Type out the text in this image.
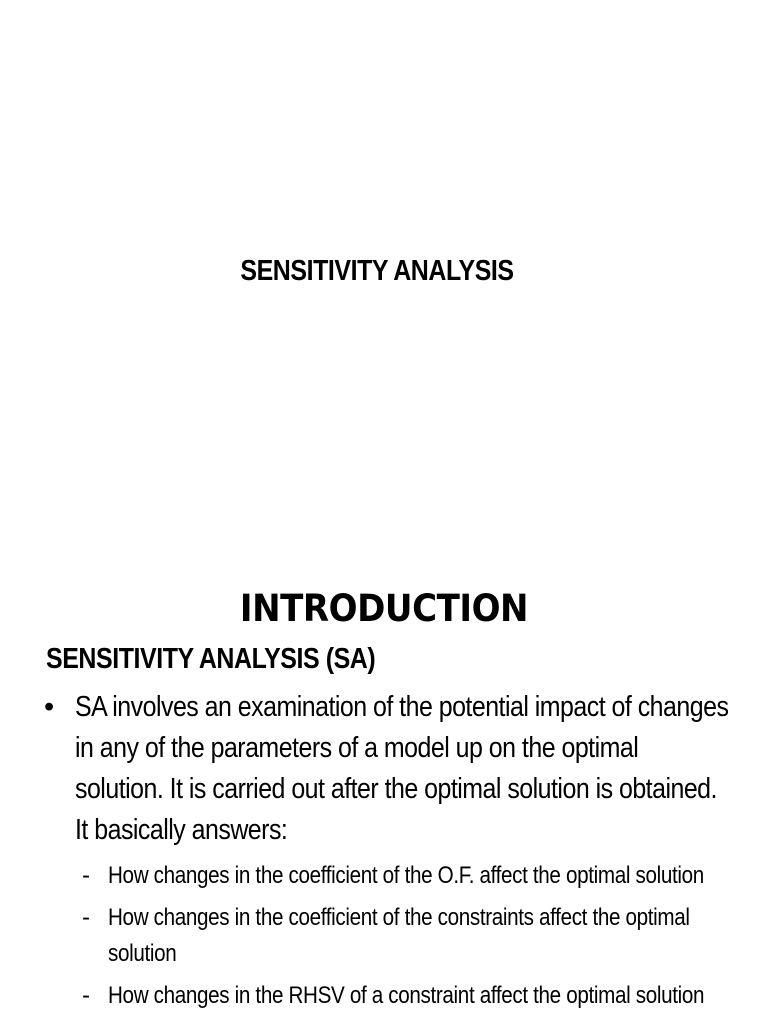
SENSITIVITY ANALYSIS
INTRODUCTION
SENSITIVITY ANALYSIS (SA)
• SA involves an examination of the potential impact of changes in any of the parameters of a model up on the optimal solution. It is carried out after the optimal solution is obtained. It basically answers:
- How changes in the coefficient of the O.F. affect the optimal solution
- How changes in the coefficient of the constraints affect the optimal solution
- How changes in the RHSV of a constraint affect the optimal solution
